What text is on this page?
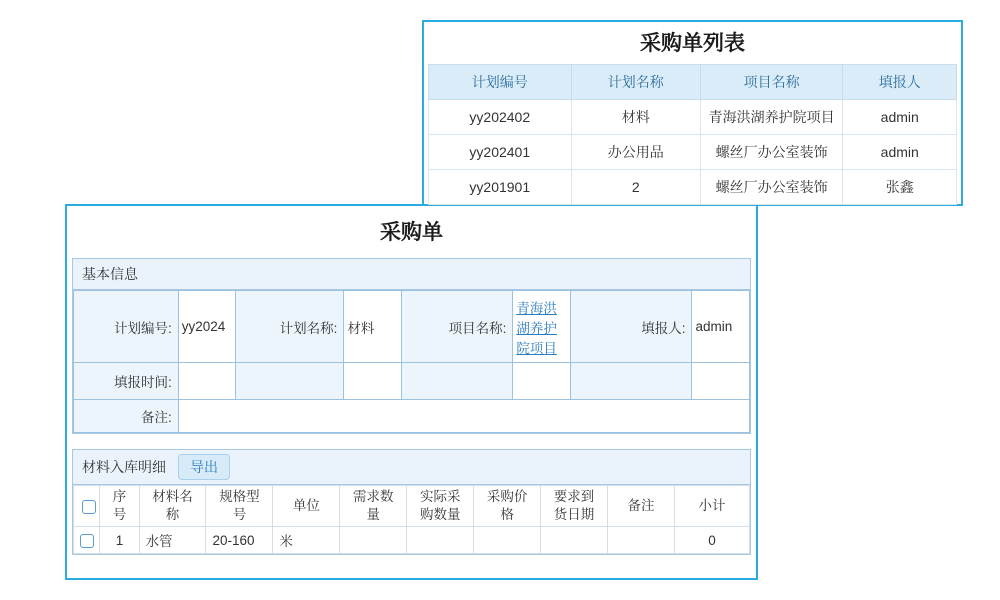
采购单
基本信息
计划编号:	yy2024	计划名称:	材料	项目名称:	青海洪湖养护院项目	填报人:	admin
填报时间:							
备注:							
材料入库明细 导出
	序号	材料名称	规格型号	单位	需求数量	实际采购数量	采购价格	要求到货日期	备注	小计
	1	水管	20-160	米						0
采购单列表
计划编号	计划名称	项目名称	填报人
yy202402	材料	青海洪湖养护院项目	admin
yy202401	办公用品	螺丝厂办公室装饰	admin
yy201901	2	螺丝厂办公室装饰	张鑫
